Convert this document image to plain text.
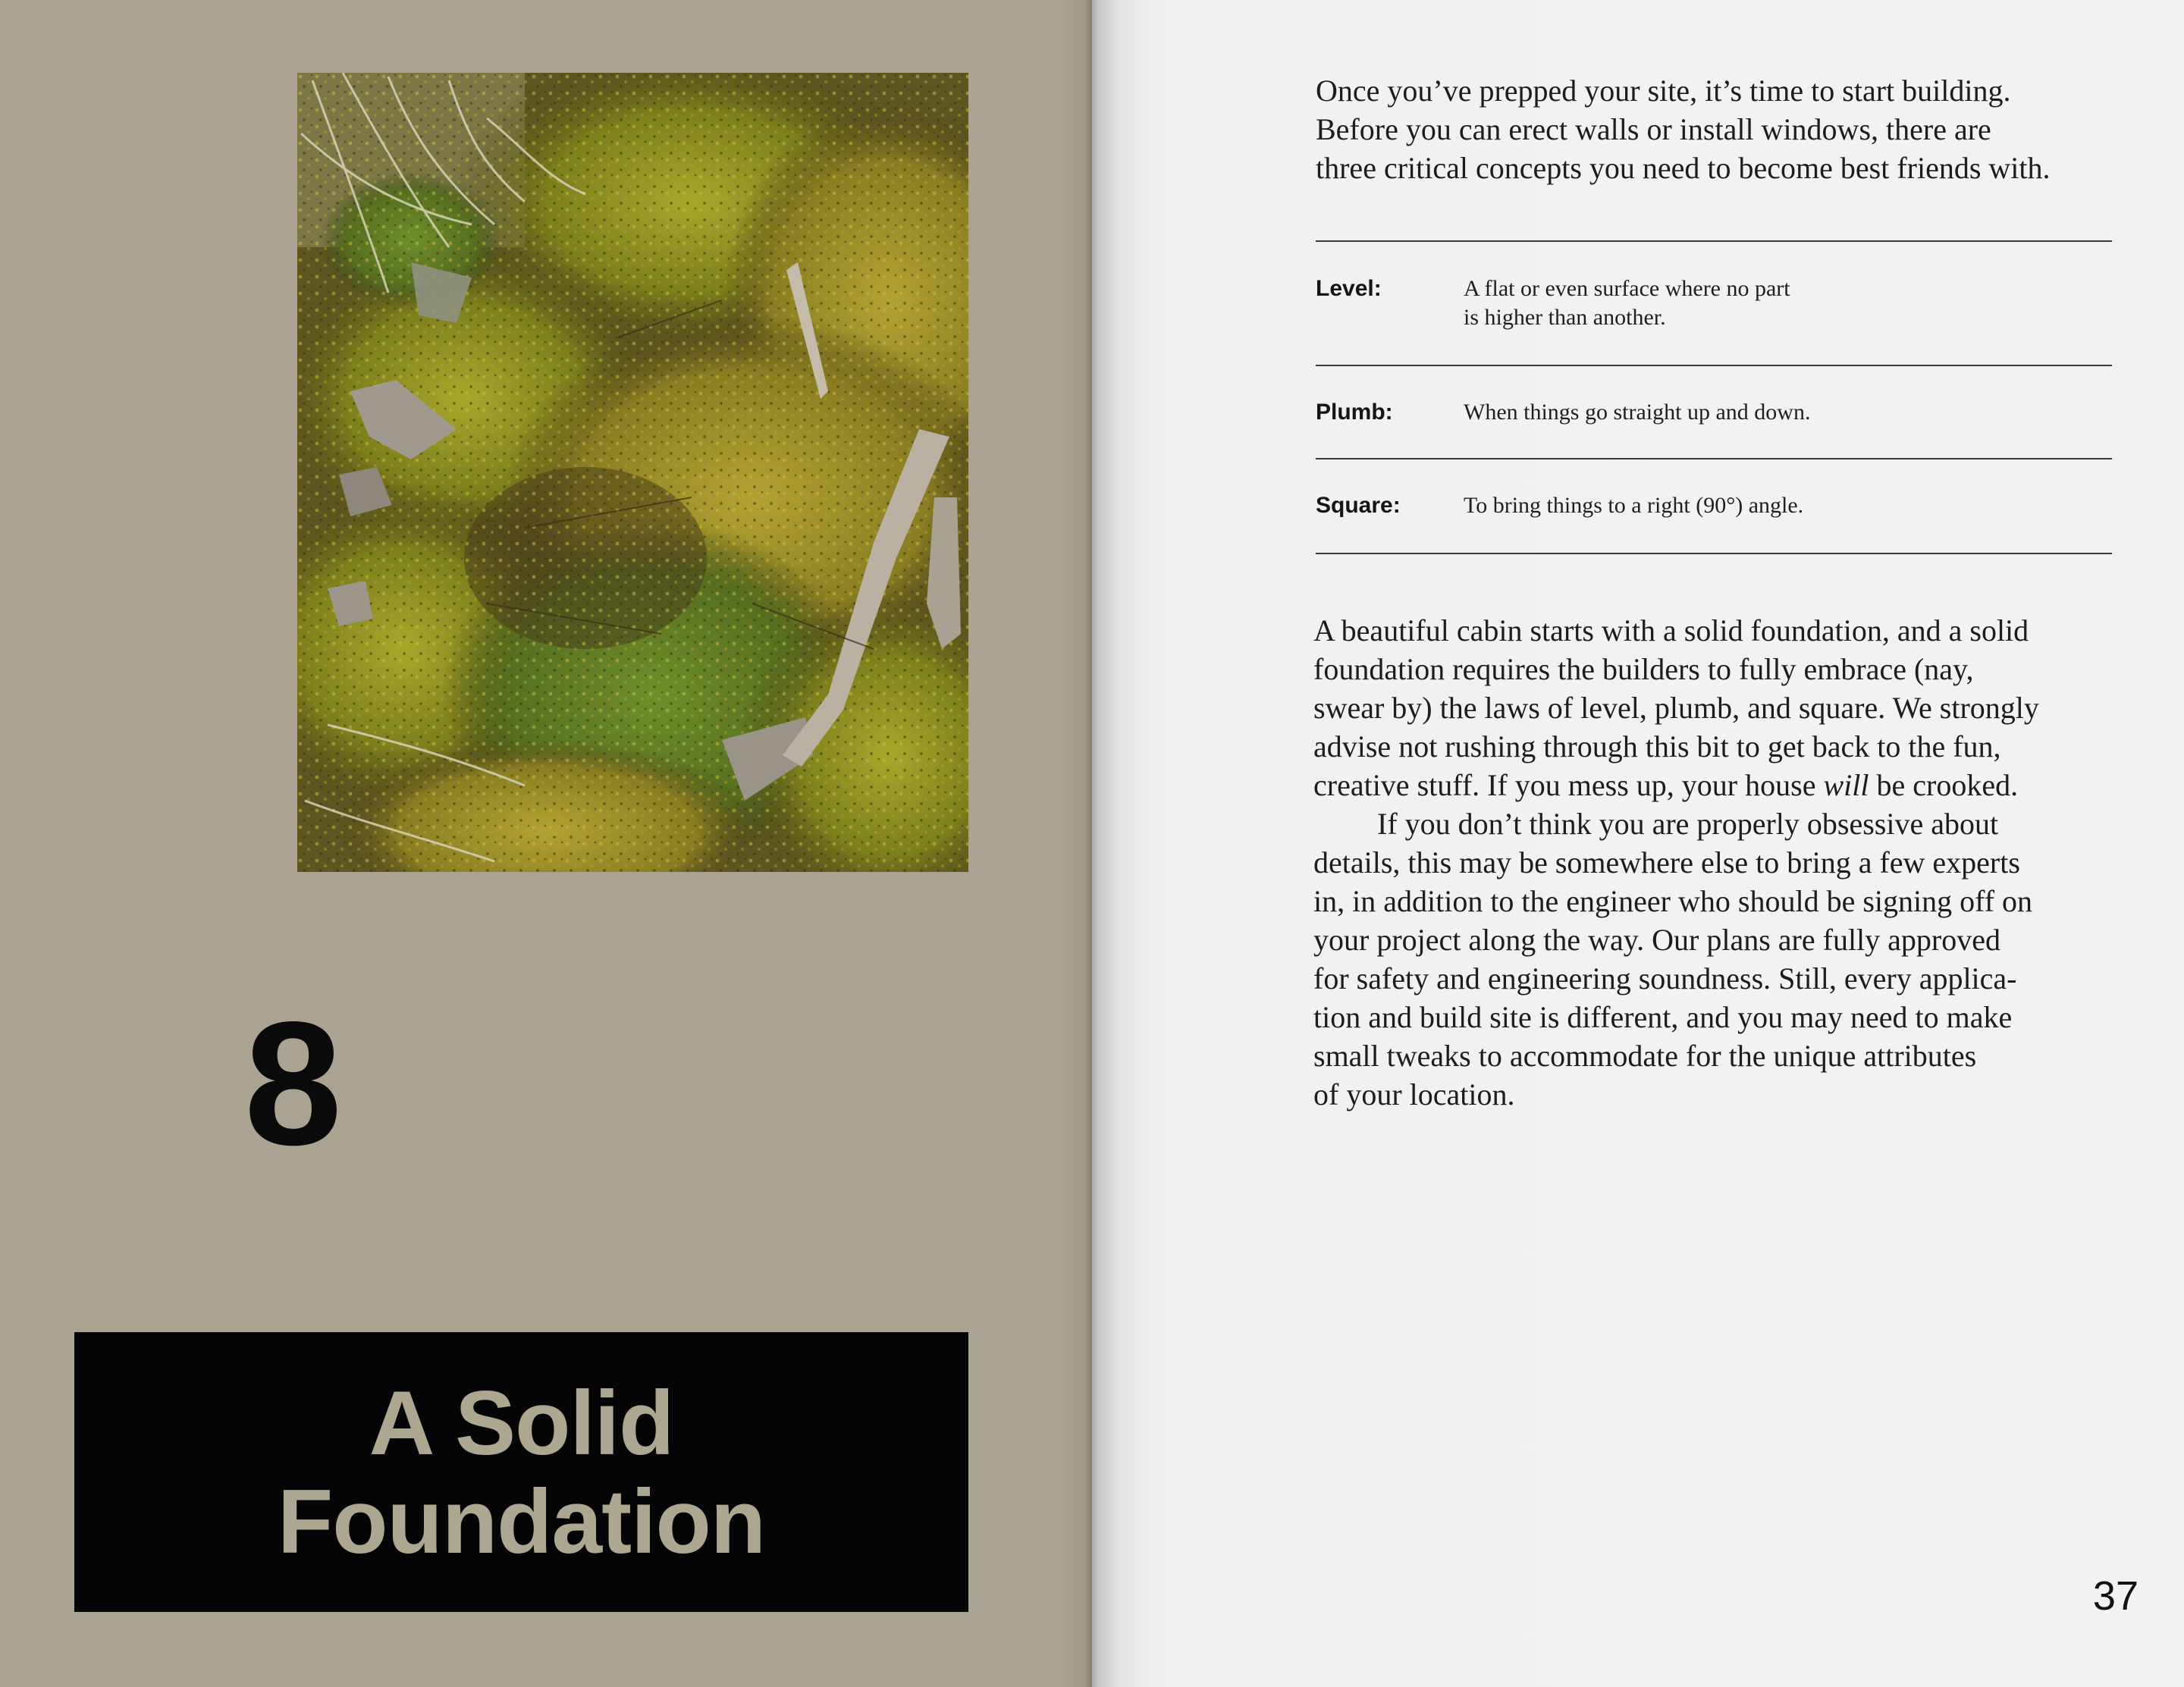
8
A Solid
Foundation

Once you’ve prepped your site, it’s time to start building.
Before you can erect walls or install windows, there are
three critical concepts you need to become best friends with.

Level:	A flat or even surface where no part
is higher than another.
Plumb:	When things go straight up and down.
Square:	To bring things to a right (90°) angle.
A beautiful cabin starts with a solid foundation, and a solid
foundation requires the builders to fully embrace (nay,
swear by) the laws of level, plumb, and square. We strongly
advise not rushing through this bit to get back to the fun,
creative stuff. If you mess up, your house will be crooked.
If you don’t think you are properly obsessive about
details, this may be somewhere else to bring a few experts
in, in addition to the engineer who should be signing off on
your project along the way. Our plans are fully approved
for safety and engineering soundness. Still, every applica-
tion and build site is different, and you may need to make
small tweaks to accommodate for the unique attributes
of your location.
37
